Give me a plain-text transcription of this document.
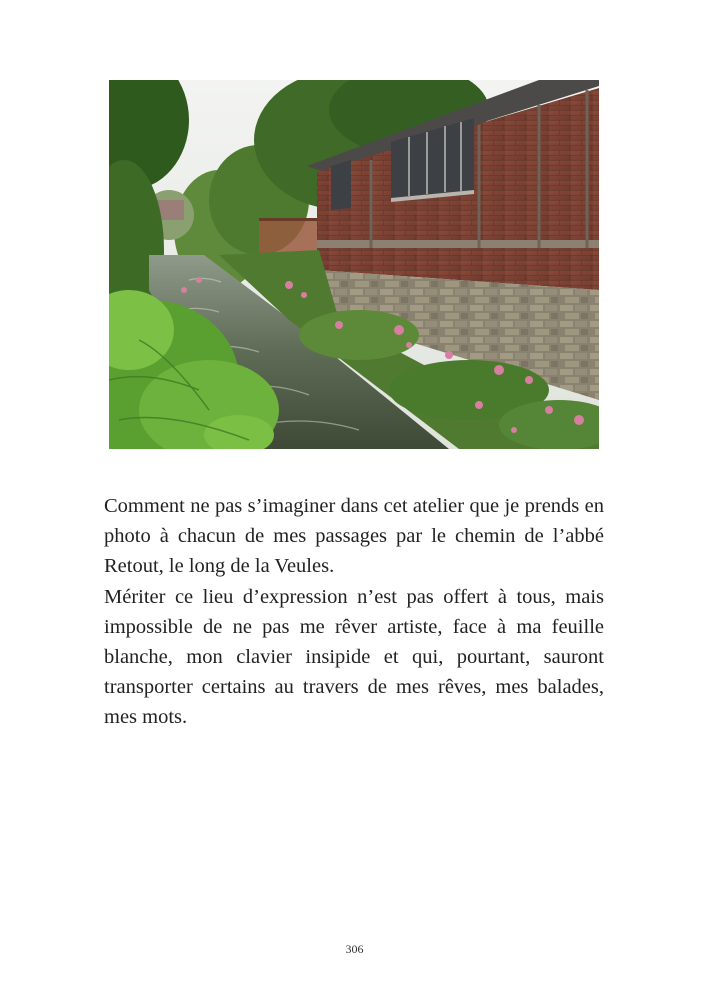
Comment ne pas s’imaginer dans cet atelier que je prends en photo à chacun de mes passages par le chemin de l’abbé Retout, le long de la Veules.

Mériter ce lieu d’expression n’est pas offert à tous, mais impossible de ne pas me rêver artiste, face à ma feuille blanche, mon clavier insipide et qui, pourtant, sauront transporter certains au travers de mes rêves, mes balades, mes mots.

306
